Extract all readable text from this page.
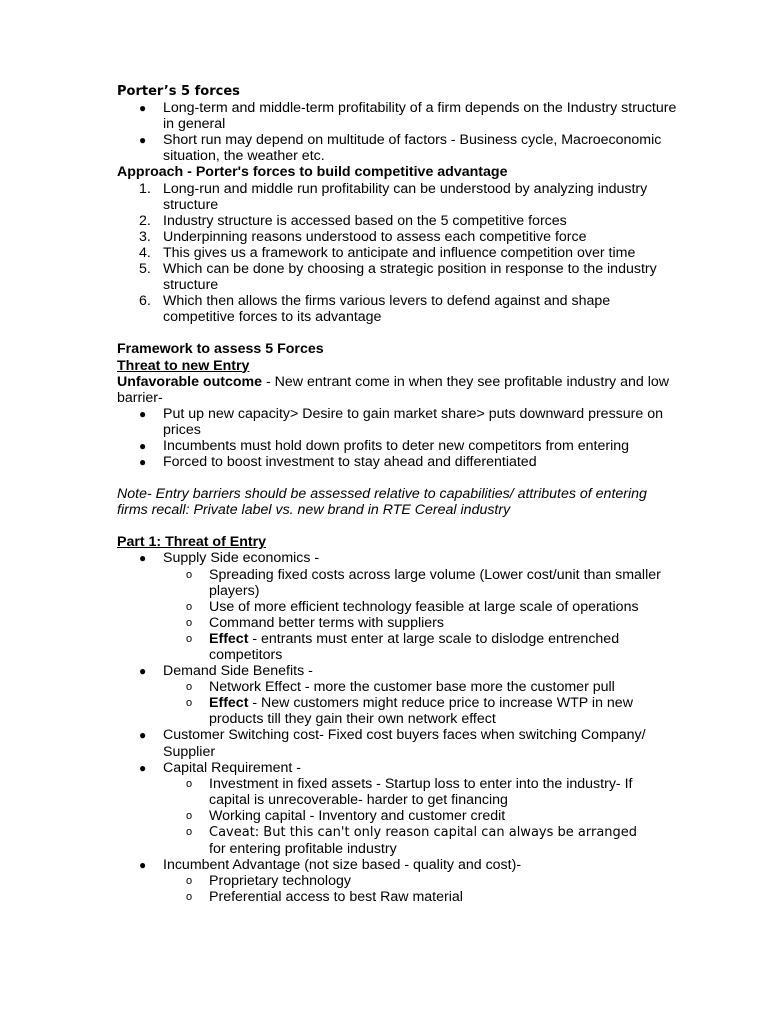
Porter’s 5 forces

● Long-term and middle-term profitability of a firm depends on the Industry structure in general
● Short run may depend on multitude of factors - Business cycle, Macroeconomic situation, the weather etc.

Approach - Porter's forces to build competitive advantage

1. Long-run and middle run profitability can be understood by analyzing industry structure
2. Industry structure is accessed based on the 5 competitive forces
3. Underpinning reasons understood to assess each competitive force
4. This gives us a framework to anticipate and influence competition over time
5. Which can be done by choosing a strategic position in response to the industry structure
6. Which then allows the firms various levers to defend against and shape competitive forces to its advantage

Framework to assess 5 Forces

Threat to new Entry

Unfavorable outcome - New entrant come in when they see profitable industry and low barrier-

● Put up new capacity> Desire to gain market share> puts downward pressure on prices
● Incumbents must hold down profits to deter new competitors from entering
● Forced to boost investment to stay ahead and differentiated

Note- Entry barriers should be assessed relative to capabilities/ attributes of entering firms recall: Private label vs. new brand in RTE Cereal industry

Part 1: Threat of Entry

● Supply Side economics -
o Spreading fixed costs across large volume (Lower cost/unit than smaller players)
o Use of more efficient technology feasible at large scale of operations
o Command better terms with suppliers
o Effect - entrants must enter at large scale to dislodge entrenched competitors
● Demand Side Benefits -
o Network Effect - more the customer base more the customer pull
o Effect - New customers might reduce price to increase WTP in new products till they gain their own network effect
● Customer Switching cost- Fixed cost buyers faces when switching Company/ Supplier
● Capital Requirement -
o Investment in fixed assets - Startup loss to enter into the industry- If capital is unrecoverable- harder to get financing
o Working capital - Inventory and customer credit
o Caveat: But this can't only reason capital can always be arranged
for entering profitable industry
● Incumbent Advantage (not size based - quality and cost)-
o Proprietary technology
o Preferential access to best Raw material
